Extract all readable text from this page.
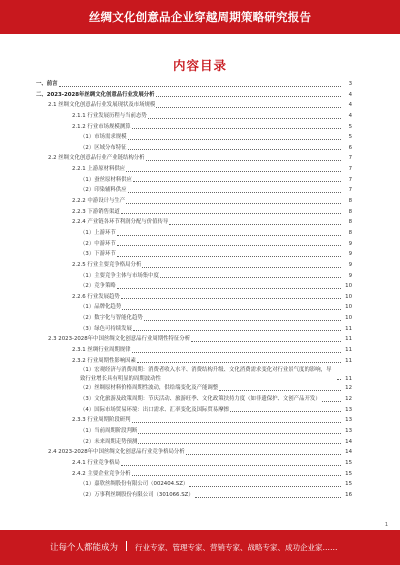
丝绸文化创意品企业穿越周期策略研究报告
内容目录
一、前言	3
二、2023-2028年丝绸文化创意品行业发展分析	4
2.1 丝绸文化创意品行业发展现状及市场规模	4
2.1.1 行业发展历程与当前态势	4
2.1.2 行业市场规模测算	5
（1）市场需求规模	5
（2）区域分布特征	6
2.2 丝绸文化创意品行业产业链结构分析	7
2.2.1 上游原材料供应	7
（1）蚕丝原材料供应	7
（2）印染辅料供应	7
2.2.2 中游设计与生产	8
2.2.3 下游销售渠道	8
2.2.4 产业链各环节利润分配与价值传导	8
（1）上游环节	8
（2）中游环节	9
（3）下游环节	9
2.2.5 行业主要竞争格局分析	9
（1）主要竞争主体与市场集中度	9
（2）竞争策略	10
2.2.6 行业发展趋势	10
（1）品牌化趋势	10
（2）数字化与智能化趋势	10
（3）绿色可持续发展	11
2.3 2023-2028年中国丝绸文化创意品行业周期性特征分析	11
2.3.1 丝绸行业周期规律	11
2.3.2 行业周期性影响因素	11
（1）宏观经济与消费周期：消费者收入水平、消费结构升级、文化消费需求变化对行业景气度的影响，导致行业增长具有明显的周期波动性	11
（2）丝绸原材料价格周期性波动，供给端变化及产能调整	12
（3）文化旅游及政策周期：节庆活动、旅游旺季、文化政策扶持力度（如非遗保护、文创产品开发）	12
（4）国际市场贸易环境：出口需求、汇率变化及国际贸易摩擦	13
2.3.3 行业周期阶段研判	13
（1）当前周期阶段判断	13
（2）未来周期走势预测	14
2.4 2023-2028年中国丝绸文化创意品行业竞争格局分析	14
2.4.1 行业竞争格局	15
2.4.2 主要企业竞争分析	15
（1）嘉欣丝绸股份有限公司（002404.SZ）	15
（2）万事利丝绸股份有限公司（301066.SZ）	16
1
让每个人都能成为 行业专家、管理专家、营销专家、战略专家、成功企业家……
